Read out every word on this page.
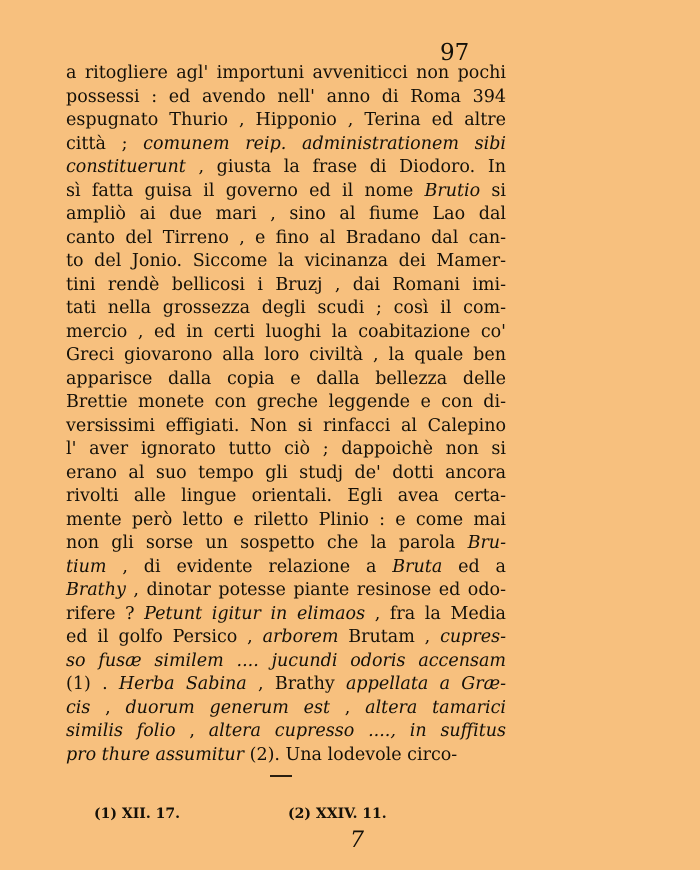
97
a ritogliere agl' importuni avveniticci non pochi
possessi : ed avendo nell' anno di Roma 394
espugnato Thurio , Hipponio , Terina ed altre
città ; comunem reip. administrationem sibi
constituerunt , giusta la frase di Diodoro. In
sì fatta guisa il governo ed il nome Brutio si
ampliò ai due mari , sino al fiume Lao dal
canto del Tirreno , e fino al Bradano dal can-
to del Jonio. Siccome la vicinanza dei Mamer-
tini rendè bellicosi i Bruzj , dai Romani imi-
tati nella grossezza degli scudi ; così il com-
mercio , ed in certi luoghi la coabitazione co'
Greci giovarono alla loro civiltà , la quale ben
apparisce dalla copia e dalla bellezza delle
Brettie monete con greche leggende e con di-
versissimi effigiati. Non si rinfacci al Calepino
l' aver ignorato tutto ciò ; dappoichè non si
erano al suo tempo gli studj de' dotti ancora
rivolti alle lingue orientali. Egli avea certa-
mente però letto e riletto Plinio : e come mai
non gli sorse un sospetto che la parola Bru-
tium , di evidente relazione a Bruta ed a
Brathy , dinotar potesse piante resinose ed odo-
rifere ? Petunt igitur in elimaos , fra la Media
ed il golfo Persico , arborem Brutam , cupres-
so fusæ similem .... jucundi odoris accensam
(1) . Herba Sabina , Brathy appellata a Græ-
cis , duorum generum est , altera tamarici
similis folio , altera cupresso ...., in suffitus
pro thure assumitur (2). Una lodevole circo-
(1) XII. 17.	(2) XXIV. 11.
7
